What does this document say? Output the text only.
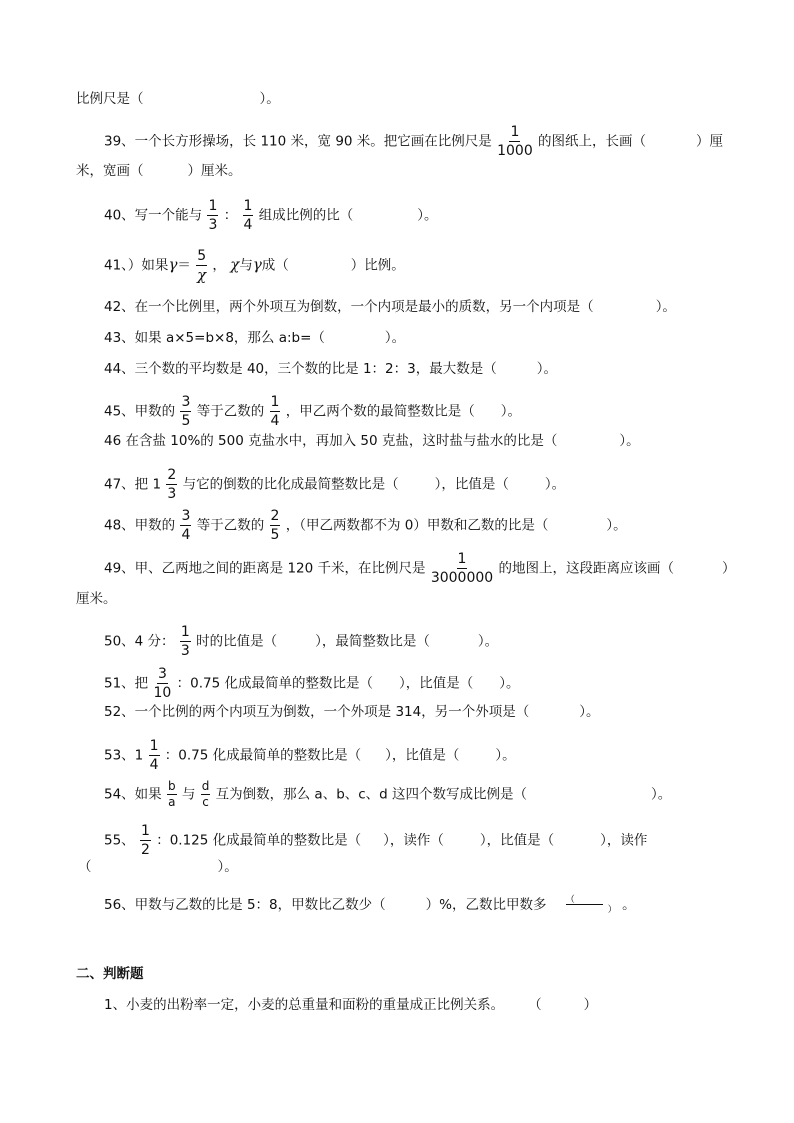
比例尺是（	）。
39、一个长方形操场，长 110 米，宽 90 米。把它画在比例尺是 $\frac{1}{1000}$ 的图纸上，长画（	）厘
米，宽画（	）厘米。
40、写一个能与 $\frac{1}{3}$ ： $\frac{1}{4}$ 组成比例的比（	）。
41、）如果$\gamma= \frac{5}{\chi}$ ， χ与γ成（	）比例。
42、在一个比例里，两个外项互为倒数，一个内项是最小的质数，另一个内项是（	）。
43、如果 a×5=b×8，那么 a:b=（	）。
44、三个数的平均数是 40，三个数的比是 1：2：3，最大数是（	）。
45、甲数的 $\frac{3}{5}$ 等于乙数的 $\frac{1}{4}$ ，甲乙两个数的最简整数比是（ ）。
46 在含盐 10%的 500 克盐水中，再加入 50 克盐，这时盐与盐水的比是（	）。
47、把 $1 \frac{2}{3}$ 与它的倒数的比化成最简整数比是（	），比值是（	）。
48、甲数的 $\frac{3}{4}$ 等于乙数的 $\frac{2}{5}$ ，（甲乙两数都不为 0）甲数和乙数的比是（	）。
49、甲、乙两地之间的距离是 120 千米，在比例尺是 $\frac{1}{3000000}$ 的地图上，这段距离应该画（	）
厘米。
50、4 分： $\frac{1}{3}$ 时的比值是（	），最简整数比是（	）。
51、把 $\frac{3}{10}$ ：0.75 化成最简单的整数比是（ ），比值是（ ）。
52、一个比例的两个内项互为倒数，一个外项是 314，另一个外项是（	）。
53、$1 \frac{1}{4}$ ：0.75 化成最简单的整数比是（ ），比值是（	）。
54、如果 $\frac{b}{a}$ 与 $\frac{d}{c}$ 互为倒数，那么 a、b、c、d 这四个数写成比例是（	）。
55、 $\frac{1}{2}$ ：0.125 化成最简单的整数比是（ ），读作（	），比值是（	），读作
（	）。
56、甲数与乙数的比是 5：8，甲数比乙数少（	）%，乙数比甲数多 $\frac{(}{)}$ 。
二、判断题
1、小麦的出粉率一定，小麦的总重量和面粉的重量成正比例关系。 （	）
